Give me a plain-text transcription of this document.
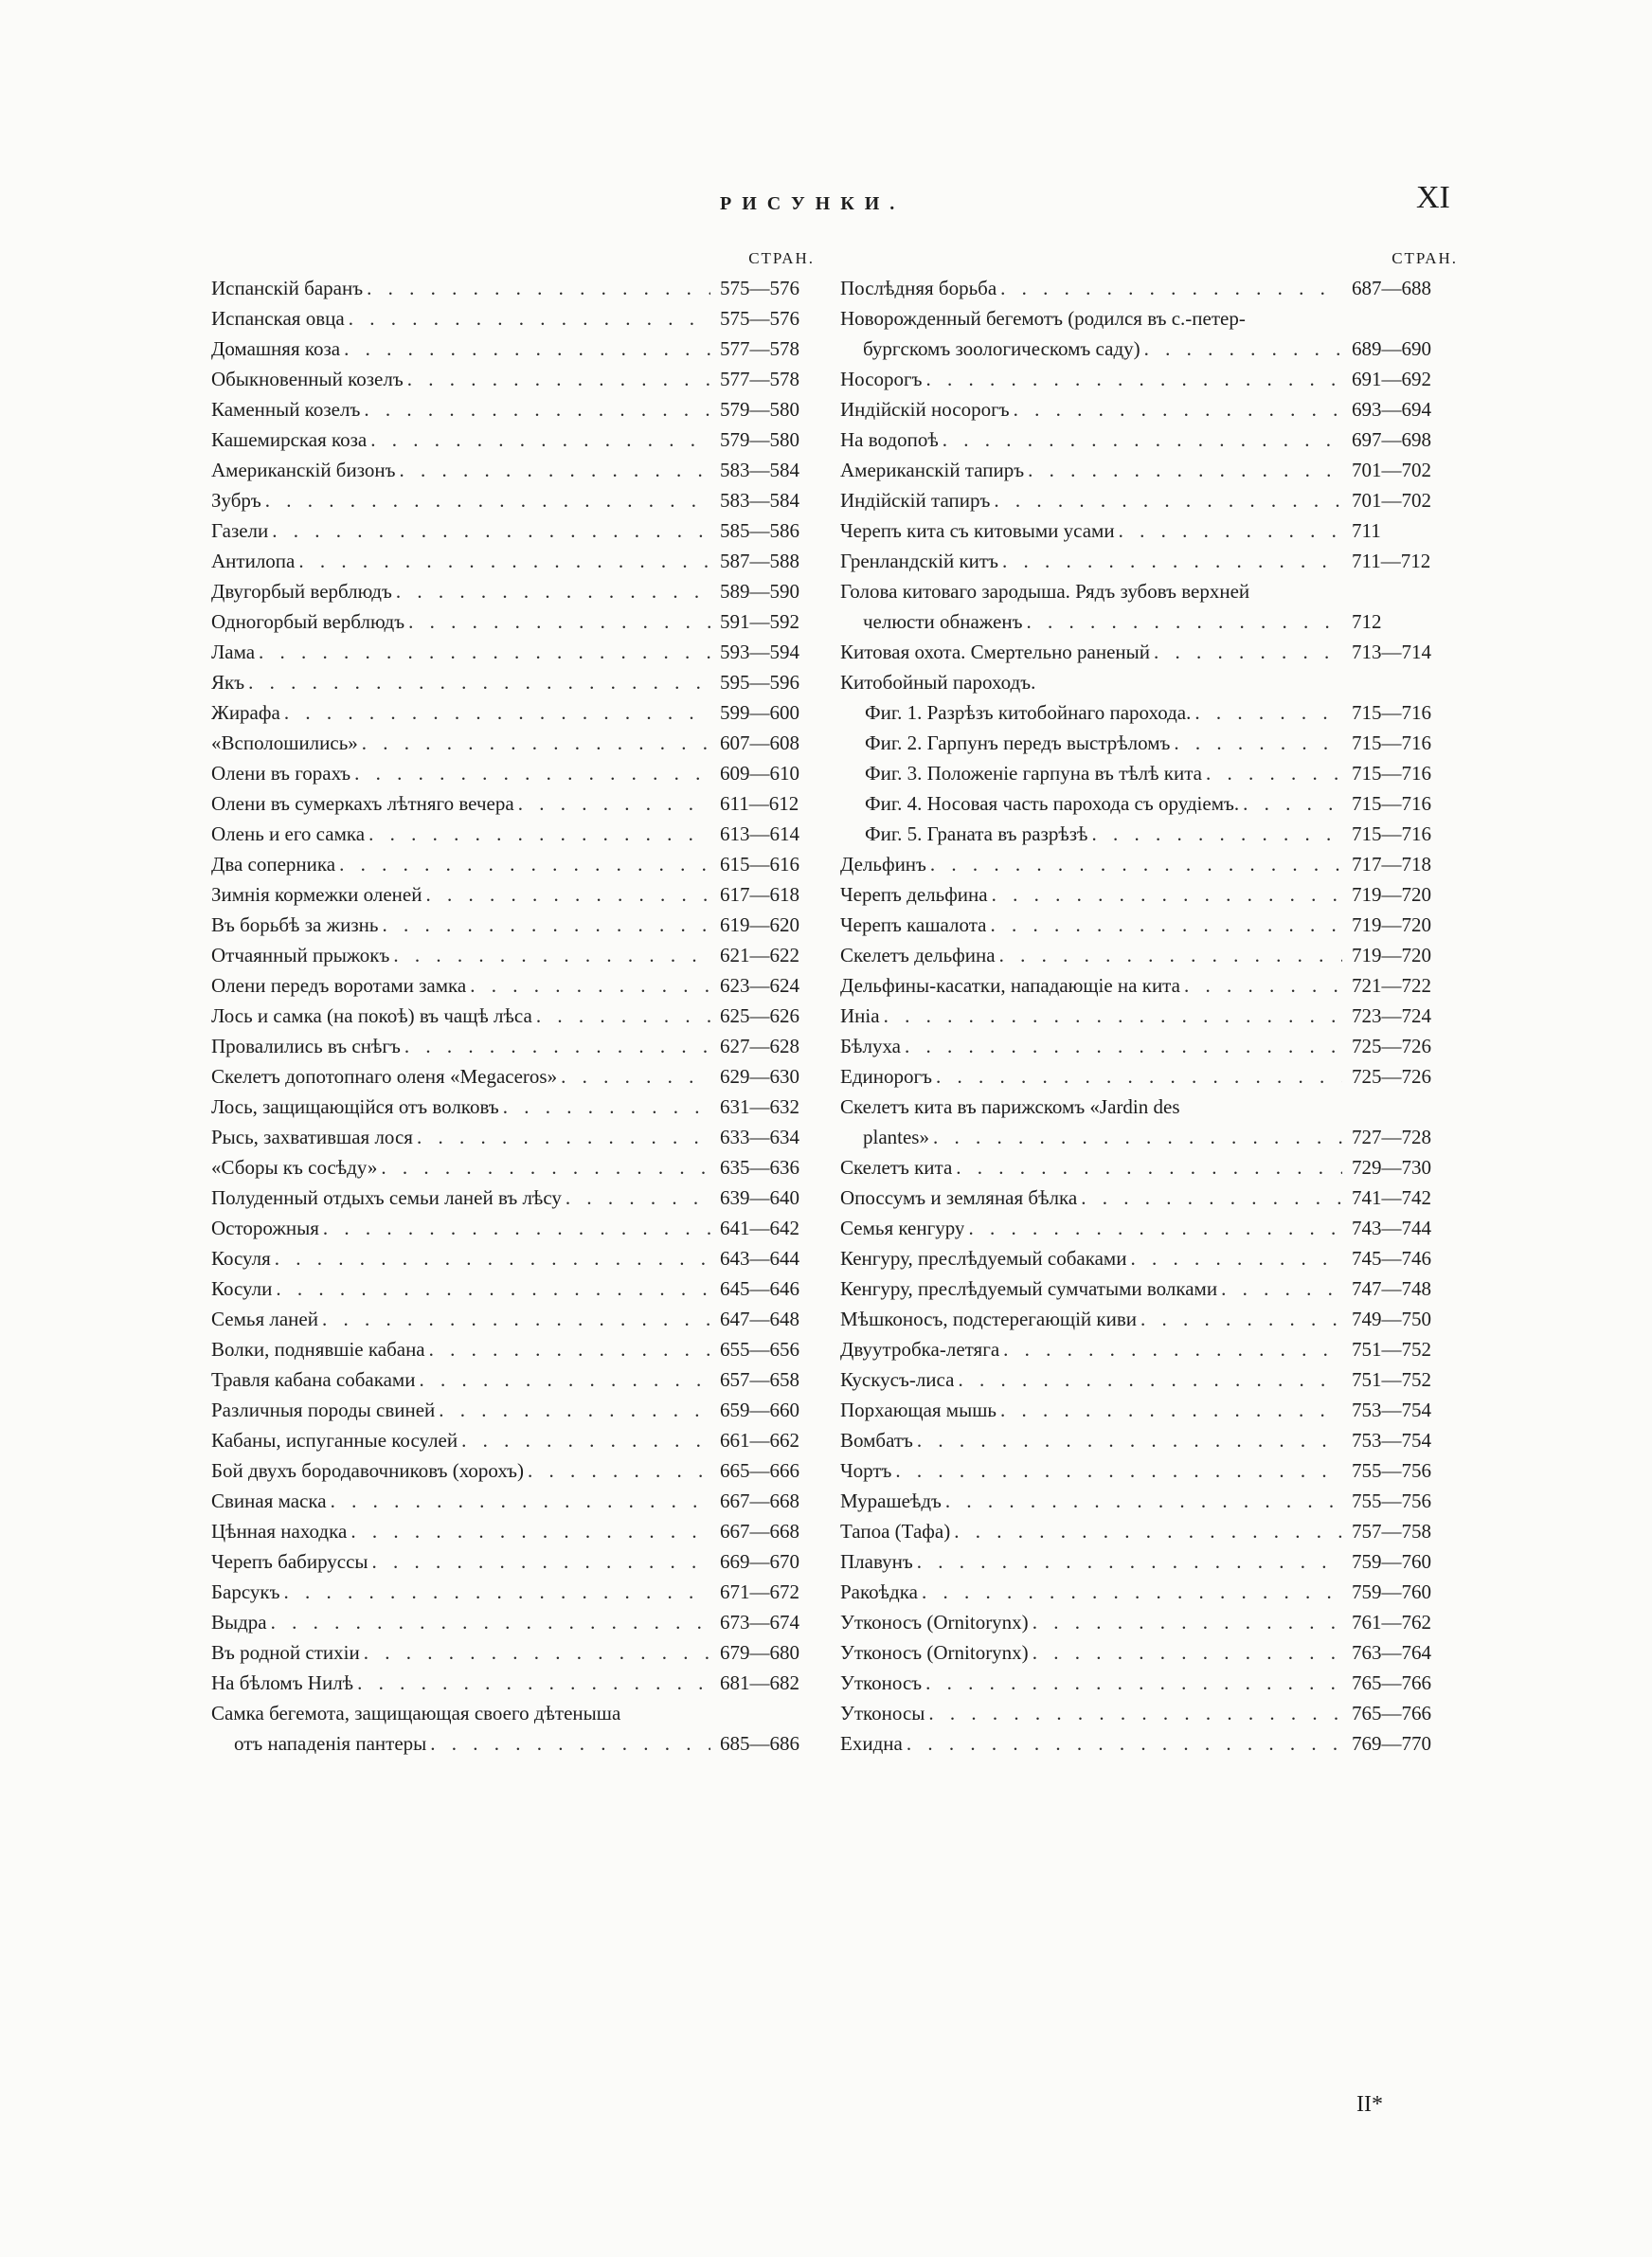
РИСУНКИ.	XI
СТРАН.
Испанскій баранъ . . .	575—576
Испанская овца . . .	575—576
Домашняя коза . . .	577—578
Обыкновенный козелъ . . .	577—578
Каменный козелъ . . .	579—580
Кашемирская коза . . .	579—580
Американскій бизонъ . . .	583—584
Зубръ . . .	583—584
Газели . . .	585—586
Антилопа . . .	587—588
Двугорбый верблюдъ . . .	589—590
Одногорбый верблюдъ . . .	591—592
Лама . . .	593—594
Якъ . . .	595—596
Жирафа . . .	599—600
«Всполошились» . . .	607—608
Олени въ горахъ . . .	609—610
Олени въ сумеркахъ лѣтняго вечера . . .	611—612
Олень и его самка . . .	613—614
Два соперника . . .	615—616
Зимнія кормежки оленей . . .	617—618
Въ борьбѣ за жизнь . . .	619—620
Отчаянный прыжокъ . . .	621—622
Олени передъ воротами замка . . .	623—624
Лось и самка (на покоѣ) въ чащѣ лѣса . . .	625—626
Провалились въ снѣгъ . . .	627—628
Скелетъ допотопнаго оленя «Megaceros» . . .	629—630
Лось, защищающійся отъ волковъ . . .	631—632
Рысь, захватившая лося . . .	633—634
«Сборы къ сосѣду» . . .	635—636
Полуденный отдыхъ семьи ланей въ лѣсу . . .	639—640
Осторожныя . . .	641—642
Косуля . . .	643—644
Косули . . .	645—646
Семья ланей . . .	647—648
Волки, поднявшіе кабана . . .	655—656
Травля кабана собаками . . .	657—658
Различныя породы свиней . . .	659—660
Кабаны, испуганные косулей . . .	661—662
Бой двухъ бородавочниковъ (хорохъ) . . .	665—666
Свиная маска . . .	667—668
Цѣнная находка . . .	667—668
Черепъ бабируссы . . .	669—670
Барсукъ . . .	671—672
Выдра . . .	673—674
Въ родной стихіи . . .	679—680
На бѣломъ Нилѣ . . .	681—682
Самка бегемота, защищающая своего дѣтеныша
отъ нападенія пантеры . . .	685—686
СТРАН.
Послѣдняя борьба . . .	687—688
Новорожденный бегемотъ (родился въ с.-петер-
бургскомъ зоологическомъ саду) . . .	689—690
Носорогъ . . .	691—692
Индійскій носорогъ . . .	693—694
На водопоѣ . . .	697—698
Американскій тапиръ . . .	701—702
Индійскій тапиръ . . .	701—702
Черепъ кита съ китовыми усами . . .	711
Гренландскій китъ . . .	711—712
Голова китоваго зародыша. Рядъ зубовъ верхней
челюсти обнаженъ . . .	712
Китовая охота. Смертельно раненый . . .	713—714
Китобойный пароходъ.
Фиг. 1. Разрѣзъ китобойнаго парохода. . . .	715—716
Фиг. 2. Гарпунъ передъ выстрѣломъ . . .	715—716
Фиг. 3. Положеніе гарпуна въ тѣлѣ кита . . .	715—716
Фиг. 4. Носовая часть парохода съ орудіемъ. . . .	715—716
Фиг. 5. Граната въ разрѣзѣ . . .	715—716
Дельфинъ . . .	717—718
Черепъ дельфина . . .	719—720
Черепъ кашалота . . .	719—720
Скелетъ дельфина . . .	719—720
Дельфины-касатки, нападающіе на кита . . .	721—722
Иніа . . .	723—724
Бѣлуха . . .	725—726
Единорогъ . . .	725—726
Скелетъ кита въ парижскомъ «Jardin des
plantes» . . .	727—728
Скелетъ кита . . .	729—730
Опоссумъ и земляная бѣлка . . .	741—742
Семья кенгуру . . .	743—744
Кенгуру, преслѣдуемый собаками . . .	745—746
Кенгуру, преслѣдуемый сумчатыми волками . . .	747—748
Мѣшконосъ, подстерегающій киви . . .	749—750
Двуутробка-летяга . . .	751—752
Кускусъ-лиса . . .	751—752
Порхающая мышь . . .	753—754
Вомбатъ . . .	753—754
Чортъ . . .	755—756
Мурашеѣдъ . . .	755—756
Тапоа (Тафа) . . .	757—758
Плавунъ . . .	759—760
Ракоѣдка . . .	759—760
Утконосъ (Ornitorynx) . . .	761—762
Утконосъ (Ornitorynx) . . .	763—764
Утконосъ . . .	765—766
Утконосы . . .	765—766
Ехидна . . .	769—770
II*
